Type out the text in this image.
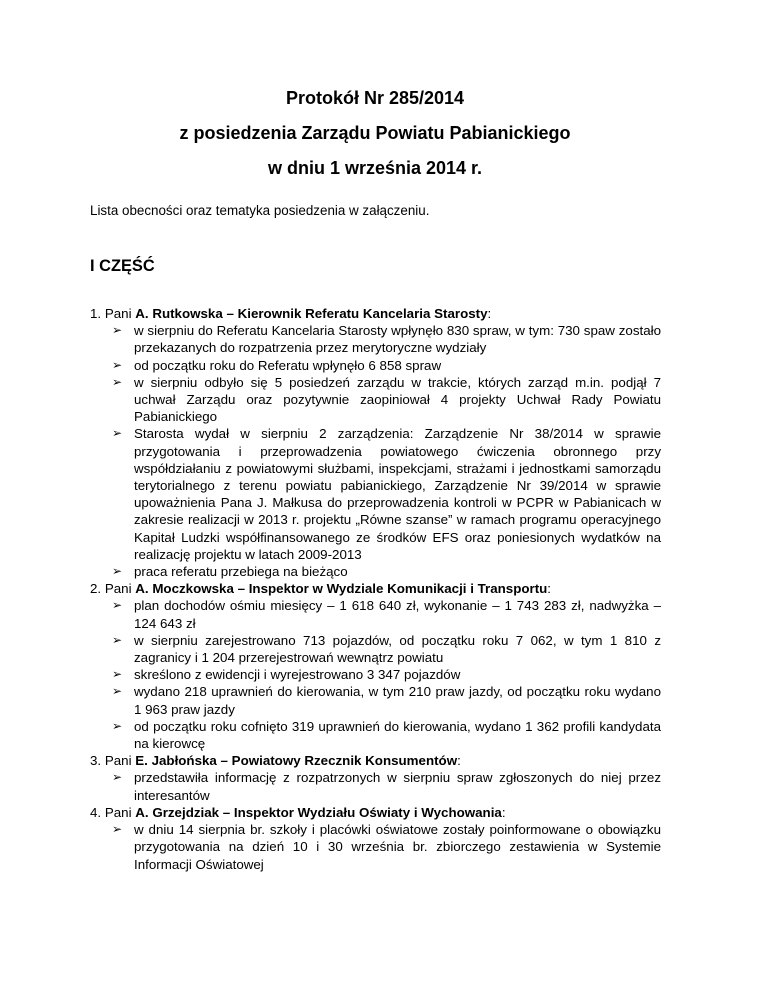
Protokół Nr 285/2014

z posiedzenia Zarządu Powiatu Pabianickiego

w dniu 1 września 2014 r.

Lista obecności oraz tematyka posiedzenia w załączeniu.

I CZĘŚĆ

1. Pani A. Rutkowska – Kierownik Referatu Kancelaria Starosty:
➢ w sierpniu do Referatu Kancelaria Starosty wpłynęło 830 spraw, w tym: 730 spaw zostało przekazanych do rozpatrzenia przez merytoryczne wydziały
➢ od początku roku do Referatu wpłynęło 6 858 spraw
➢ w sierpniu odbyło się 5 posiedzeń zarządu w trakcie, których zarząd m.in. podjął 7 uchwał Zarządu oraz pozytywnie zaopiniował 4 projekty Uchwał Rady Powiatu Pabianickiego
➢ Starosta wydał w sierpniu 2 zarządzenia: Zarządzenie Nr 38/2014 w sprawie przygotowania i przeprowadzenia powiatowego ćwiczenia obronnego przy współdziałaniu z powiatowymi służbami, inspekcjami, strażami i jednostkami samorządu terytorialnego z terenu powiatu pabianickiego, Zarządzenie Nr 39/2014 w sprawie upoważnienia Pana J. Małkusa do przeprowadzenia kontroli w PCPR w Pabianicach w zakresie realizacji w 2013 r. projektu „Równe szanse” w ramach programu operacyjnego Kapitał Ludzki współfinansowanego ze środków EFS oraz poniesionych wydatków na realizację projektu w latach 2009-2013
➢ praca referatu przebiega na bieżąco
2. Pani A. Moczkowska – Inspektor w Wydziale Komunikacji i Transportu:
➢ plan dochodów ośmiu miesięcy – 1 618 640 zł, wykonanie – 1 743 283 zł, nadwyżka – 124 643 zł
➢ w sierpniu zarejestrowano 713 pojazdów, od początku roku 7 062, w tym 1 810 z zagranicy i 1 204 przerejestrowań wewnątrz powiatu
➢ skreślono z ewidencji i wyrejestrowano 3 347 pojazdów
➢ wydano 218 uprawnień do kierowania, w tym 210 praw jazdy, od początku roku wydano 1 963 praw jazdy
➢ od początku roku cofnięto 319 uprawnień do kierowania, wydano 1 362 profili kandydata na kierowcę
3. Pani E. Jabłońska – Powiatowy Rzecznik Konsumentów:
➢ przedstawiła informację z rozpatrzonych w sierpniu spraw zgłoszonych do niej przez interesantów
4. Pani A. Grzejdziak – Inspektor Wydziału Oświaty i Wychowania:
➢ w dniu 14 sierpnia br. szkoły i placówki oświatowe zostały poinformowane o obowiązku przygotowania na dzień 10 i 30 września br. zbiorczego zestawienia w Systemie Informacji Oświatowej
